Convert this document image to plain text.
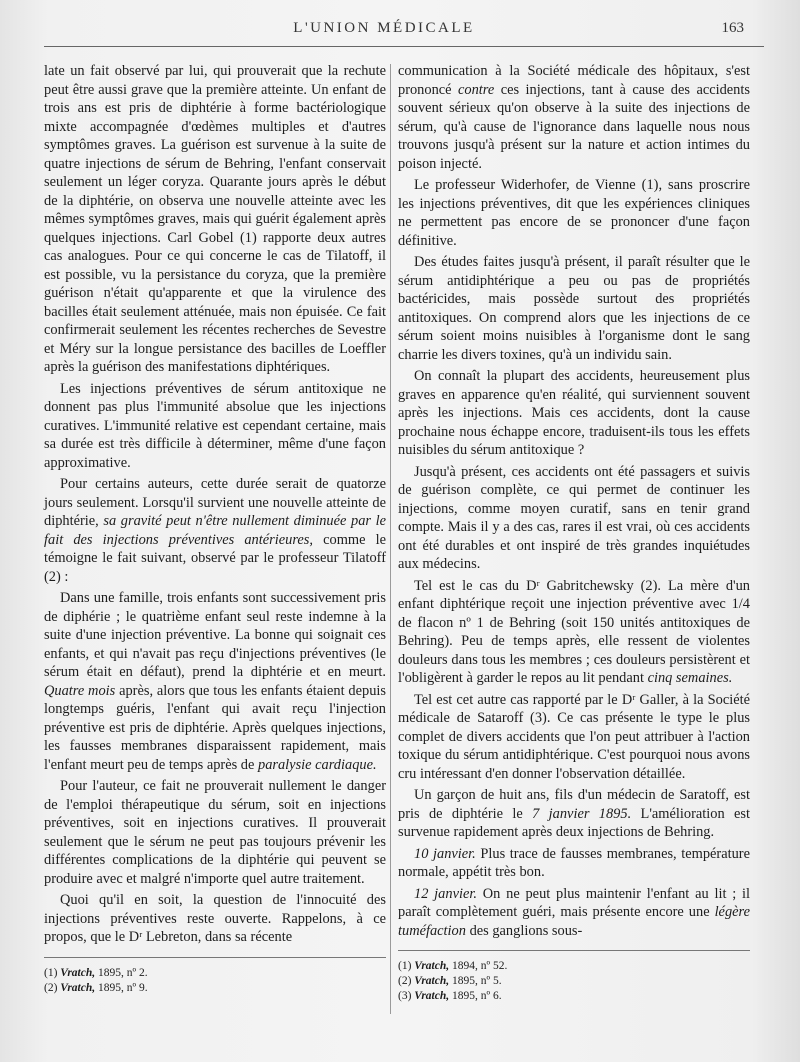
L'UNION MÉDICALE	163

late un fait observé par lui, qui prouverait que la rechute peut être aussi grave que la première atteinte. Un enfant de trois ans est pris de diphtérie à forme bactériologique mixte accompagnée d'œdèmes multiples et d'autres symptômes graves. La guérison est survenue à la suite de quatre injections de sérum de Behring, l'enfant conservait seulement un léger coryza. Quarante jours après le début de la diphtérie, on observa une nouvelle atteinte avec les mêmes symptômes graves, mais qui guérit également après quelques injections. Carl Gobel (1) rapporte deux autres cas analogues. Pour ce qui concerne le cas de Tilatoff, il est possible, vu la persistance du coryza, que la première guérison n'était qu'apparente et que la virulence des bacilles était seulement atténuée, mais non épuisée. Ce fait confirmerait seulement les récentes recherches de Sevestre et Méry sur la longue persistance des bacilles de Loeffler après la guérison des manifestations diphtériques.

Les injections préventives de sérum antitoxique ne donnent pas plus l'immunité absolue que les injections curatives. L'immunité relative est cependant certaine, mais sa durée est très difficile à déterminer, même d'une façon approximative.

Pour certains auteurs, cette durée serait de quatorze jours seulement. Lorsqu'il survient une nouvelle atteinte de diphtérie, sa gravité peut n'être nullement diminuée par le fait des injections préventives antérieures, comme le témoigne le fait suivant, observé par le professeur Tilatoff (2) :

Dans une famille, trois enfants sont successivement pris de diphérie ; le quatrième enfant seul reste indemne à la suite d'une injection préventive. La bonne qui soignait ces enfants, et qui n'avait pas reçu d'injections préventives (le sérum était en défaut), prend la diphtérie et en meurt. Quatre mois après, alors que tous les enfants étaient depuis longtemps guéris, l'enfant qui avait reçu l'injection préventive est pris de diphtérie. Après quelques injections, les fausses membranes disparaissent rapidement, mais l'enfant meurt peu de temps après de paralysie cardiaque.

Pour l'auteur, ce fait ne prouverait nullement le danger de l'emploi thérapeutique du sérum, soit en injections préventives, soit en injections curatives. Il prouverait seulement que le sérum ne peut pas toujours prévenir les différentes complications de la diphtérie qui peuvent se produire avec et malgré n'importe quel autre traitement.

Quoi qu'il en soit, la question de l'innocuité des injections préventives reste ouverte. Rappelons, à ce propos, que le Dʳ Lebreton, dans sa récente

(1) Vratch, 1895, nº 2.

(2) Vratch, 1895, nº 9.

communication à la Société médicale des hôpitaux, s'est prononcé contre ces injections, tant à cause des accidents souvent sérieux qu'on observe à la suite des injections de sérum, qu'à cause de l'ignorance dans laquelle nous nous trouvons jusqu'à présent sur la nature et action intimes du poison injecté.

Le professeur Widerhofer, de Vienne (1), sans proscrire les injections préventives, dit que les expériences cliniques ne permettent pas encore de se prononcer d'une façon définitive.

Des études faites jusqu'à présent, il paraît résulter que le sérum antidiphtérique a peu ou pas de propriétés bactéricides, mais possède surtout des propriétés antitoxiques. On comprend alors que les injections de ce sérum soient moins nuisibles à l'organisme dont le sang charrie les divers toxines, qu'à un individu sain.

On connaît la plupart des accidents, heureusement plus graves en apparence qu'en réalité, qui surviennent souvent après les injections. Mais ces accidents, dont la cause prochaine nous échappe encore, traduisent-ils tous les effets nuisibles du sérum antitoxique ?

Jusqu'à présent, ces accidents ont été passagers et suivis de guérison complète, ce qui permet de continuer les injections, comme moyen curatif, sans en tenir grand compte. Mais il y a des cas, rares il est vrai, où ces accidents ont été durables et ont inspiré de très grandes inquiétudes aux médecins.

Tel est le cas du Dʳ Gabritchewsky (2). La mère d'un enfant diphtérique reçoit une injection préventive avec 1/4 de flacon nº 1 de Behring (soit 150 unités antitoxiques de Behring). Peu de temps après, elle ressent de violentes douleurs dans tous les membres ; ces douleurs persistèrent et l'obligèrent à garder le repos au lit pendant cinq semaines.

Tel est cet autre cas rapporté par le Dʳ Galler, à la Société médicale de Sataroff (3). Ce cas présente le type le plus complet de divers accidents que l'on peut attribuer à l'action toxique du sérum antidiphtérique. C'est pourquoi nous avons cru intéressant d'en donner l'observation détaillée.

Un garçon de huit ans, fils d'un médecin de Saratoff, est pris de diphtérie le 7 janvier 1895. L'amélioration est survenue rapidement après deux injections de Behring.

10 janvier. Plus trace de fausses membranes, température normale, appétit très bon.

12 janvier. On ne peut plus maintenir l'enfant au lit ; il paraît complètement guéri, mais présente encore une légère tuméfaction des ganglions sous-

(1) Vratch, 1894, nº 52.

(2) Vratch, 1895, nº 5.

(3) Vratch, 1895, nº 6.
